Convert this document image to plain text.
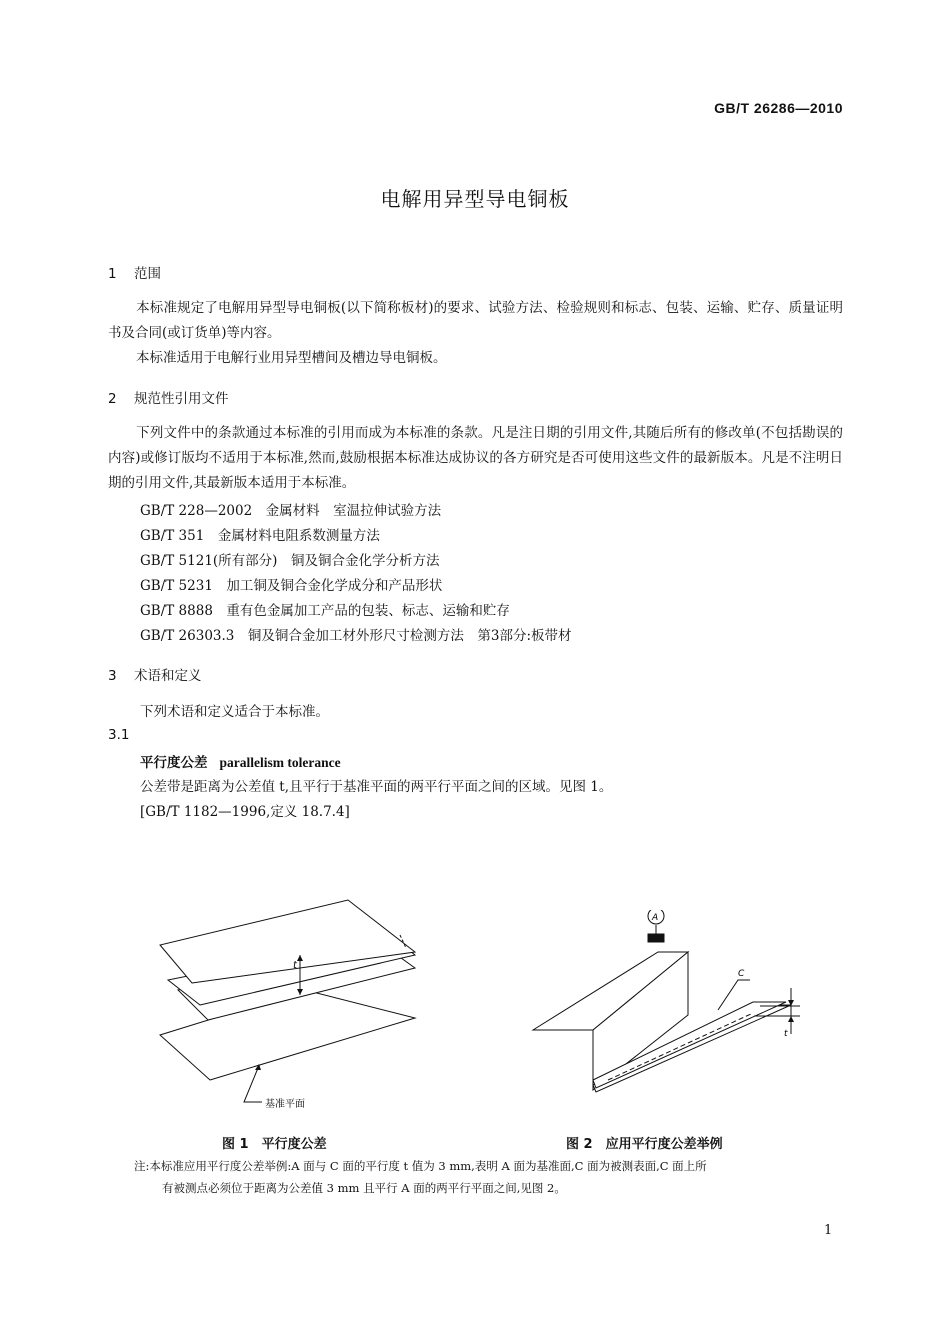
GB/T 26286—2010
电解用异型导电铜板
1 范围
本标准规定了电解用异型导电铜板(以下简称板材)的要求、试验方法、检验规则和标志、包装、运输、贮存、质量证明书及合同(或订货单)等内容。
本标准适用于电解行业用异型槽间及槽边导电铜板。
2 规范性引用文件
下列文件中的条款通过本标准的引用而成为本标准的条款。凡是注日期的引用文件,其随后所有的修改单(不包括勘误的内容)或修订版均不适用于本标准,然而,鼓励根据本标准达成协议的各方研究是否可使用这些文件的最新版本。凡是不注明日期的引用文件,其最新版本适用于本标准。
GB/T 228—2002　金属材料　室温拉伸试验方法
GB/T 351　金属材料电阻系数测量方法
GB/T 5121(所有部分)　铜及铜合金化学分析方法
GB/T 5231　加工铜及铜合金化学成分和产品形状
GB/T 8888　重有色金属加工产品的包装、标志、运输和贮存
GB/T 26303.3　铜及铜合金加工材外形尺寸检测方法　第3部分:板带材
3 术语和定义
下列术语和定义适合于本标准。
3.1
平行度公差 parallelism tolerance
公差带是距离为公差值 t,且平行于基准平面的两平行平面之间的区域。见图 1。
[GB/T 1182—1996,定义 18.7.4]
t
基准平面
图 1　平行度公差
A
C
t
图 2　应用平行度公差举例
注:本标准应用平行度公差举例:A 面与 C 面的平行度 t 值为 3 mm,表明 A 面为基准面,C 面为被测表面,C 面上所
有被测点必须位于距离为公差值 3 mm 且平行 A 面的两平行平面之间,见图 2。
1
